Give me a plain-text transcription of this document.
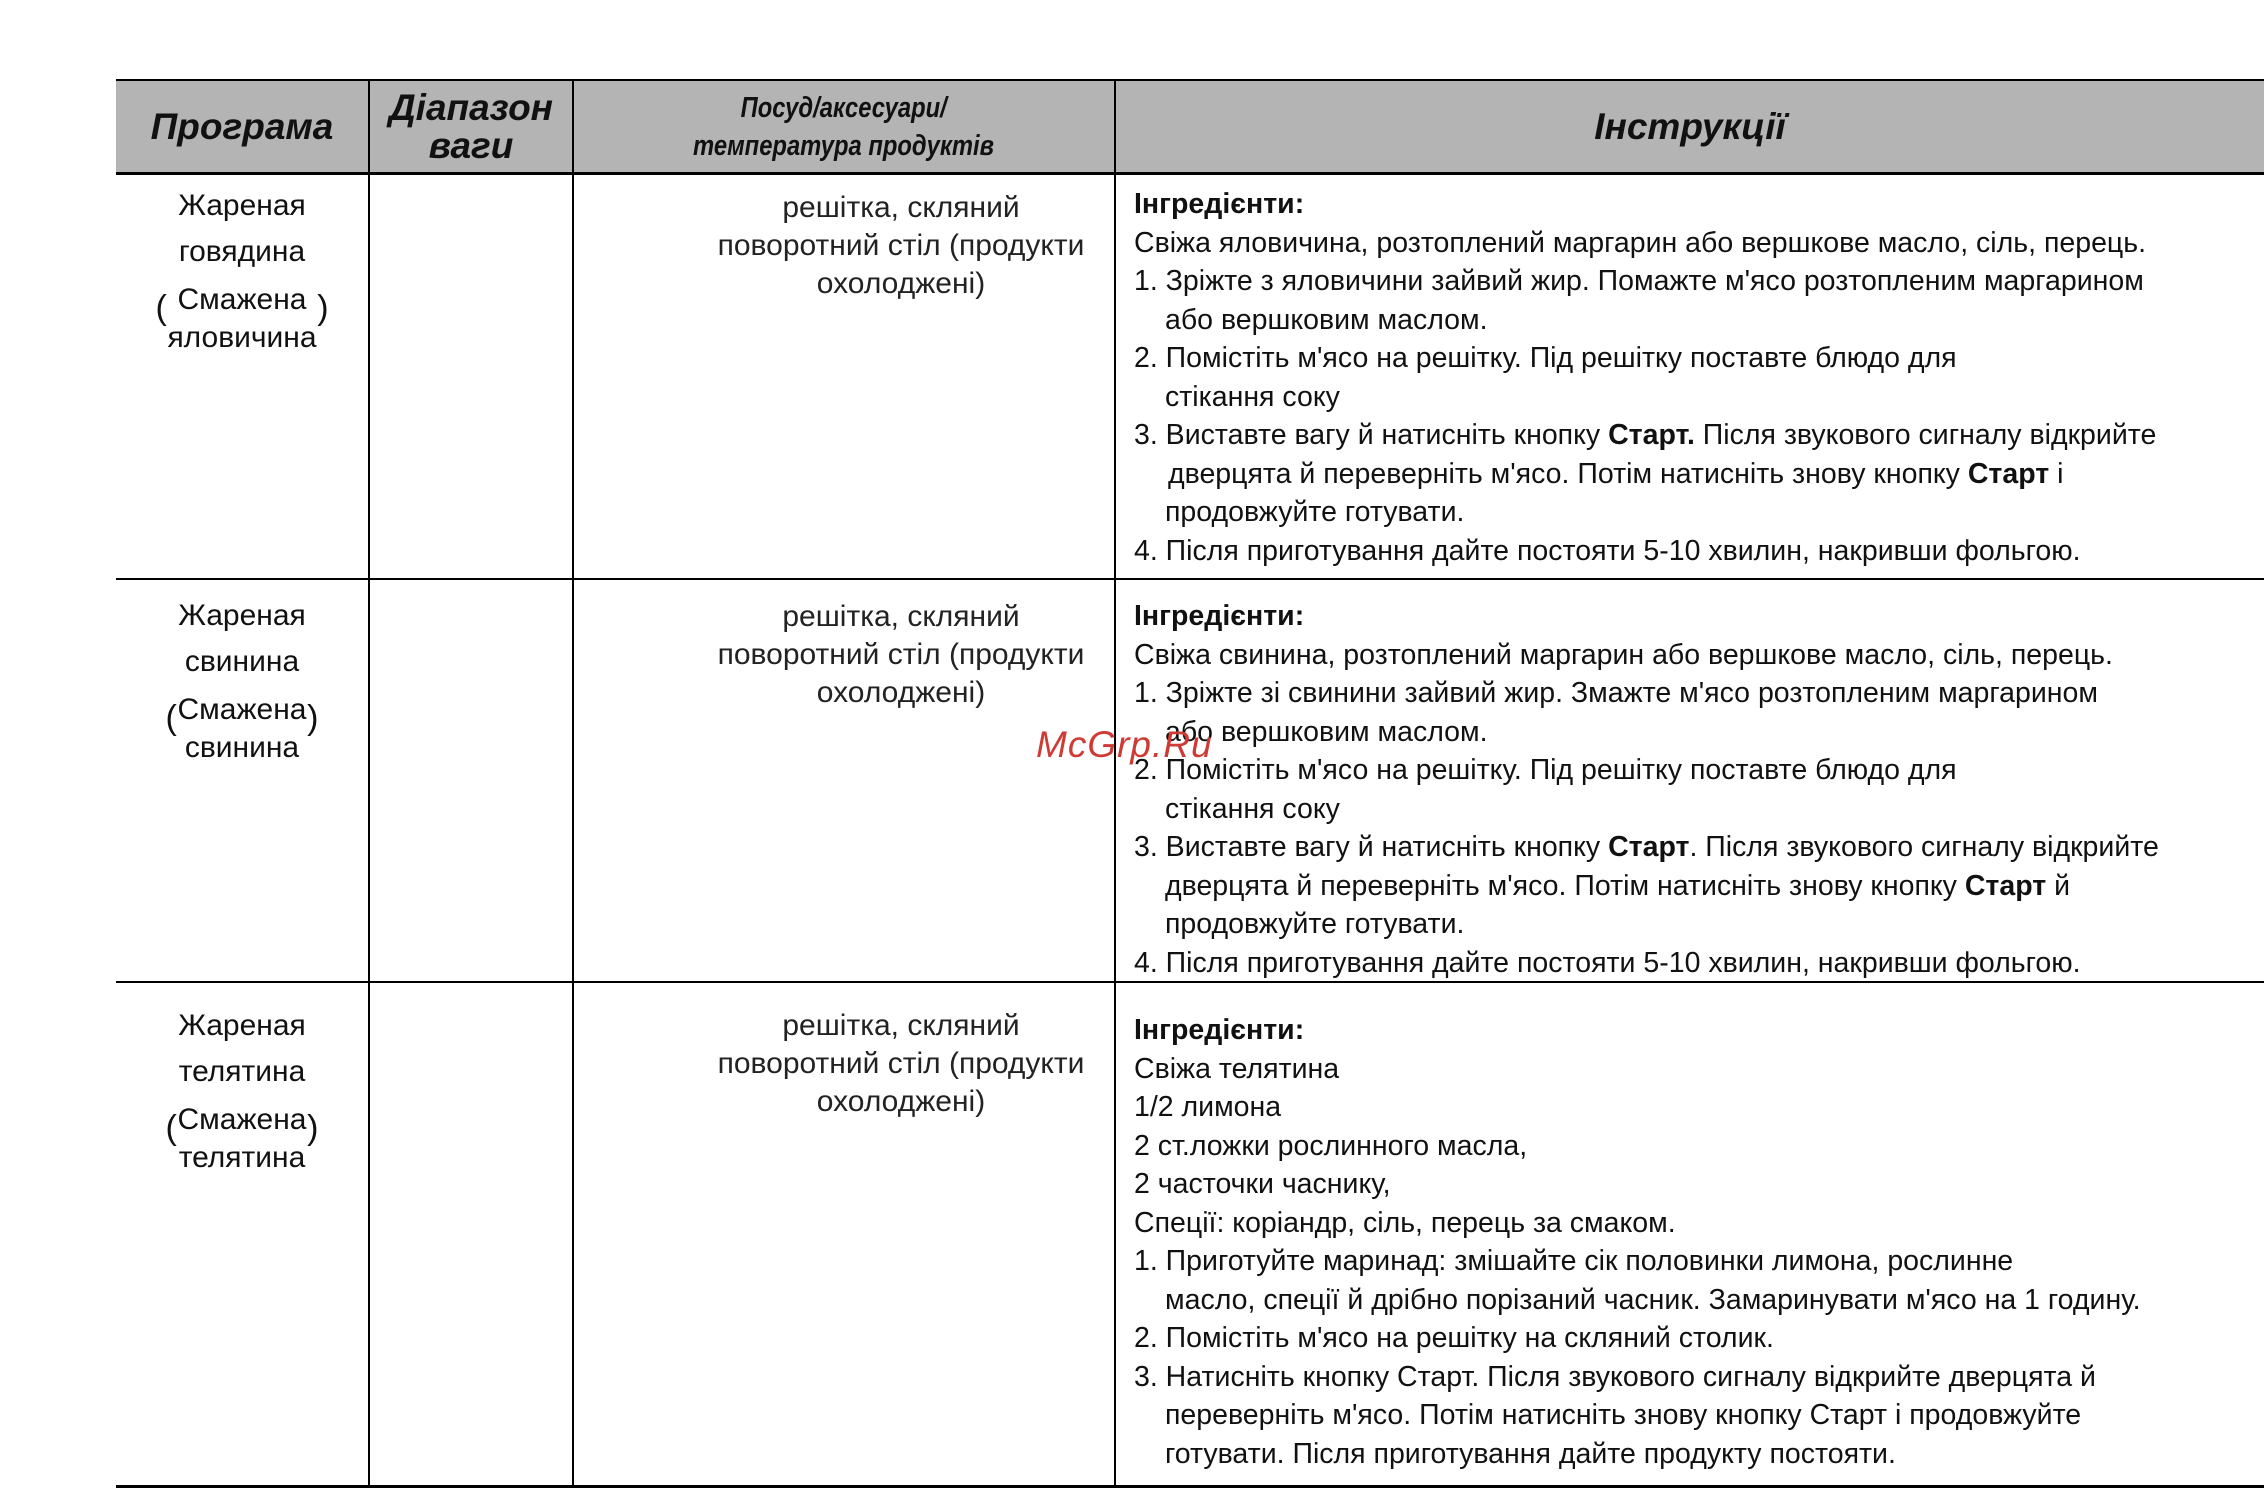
Програма Діапазон
ваги
Посуд/аксесуари/
температура продуктів	Інструкції
Жареная
говядина
( Смажена
яловичина
)
решітка, скляний
поворотний стіл (продукти
охолоджені)
Інгредієнти:
Свіжа яловичина, розтоплений маргарин або вершкове масло, сіль, перець.
1. Зріжте з яловичини зайвий жир. Помажте м'ясо розтопленим маргарином
або вершковим маслом.
2. Помістіть м'ясо на решітку. Під решітку поставте блюдо для
стікання соку
3. Виставте вагу й натисніть кнопку Старт. Після звукового сигналу відкрийте
дверцята й переверніть м'ясо. Потім натисніть знову кнопку Старт і
продовжуйте готувати.
4. Після приготування дайте постояти 5-10 хвилин, накривши фольгою.
Жареная
свинина
( Смажена
свинина
)
решітка, скляний
поворотний стіл (продукти
охолоджені)
Інгредієнти:
Свіжа свинина, розтоплений маргарин або вершкове масло, сіль, перець.
1. Зріжте зі свинини зайвий жир. Змажте м'ясо розтопленим маргарином
або вершковим маслом.
2. Помістіть м'ясо на решітку. Під решітку поставте блюдо для
стікання соку
3. Виставте вагу й натисніть кнопку Старт. Після звукового сигналу відкрийте
дверцята й переверніть м'ясо. Потім натисніть знову кнопку Старт й
продовжуйте готувати.
4. Після приготування дайте постояти 5-10 хвилин, накривши фольгою.
Жареная
телятина
( Смажена
телятина
)
решітка, скляний
поворотний стіл (продукти
охолоджені)
Інгредієнти:
Свіжа телятина
1/2 лимона
2 ст.ложки рослинного масла,
2 часточки часнику,
Спеції: коріандр, сіль, перець за смаком.
1. Приготуйте маринад: змішайте сік половинки лимона, рослинне
масло, спеції й дрібно порізаний часник. Замаринувати м'ясо на 1 годину.
2. Помістіть м'ясо на решітку на скляний столик.
3. Натисніть кнопку Старт. Після звукового сигналу відкрийте дверцята й
переверніть м'ясо. Потім натисніть знову кнопку Старт і продовжуйте
готувати. Після приготування дайте продукту постояти.
McGrp.Ru
